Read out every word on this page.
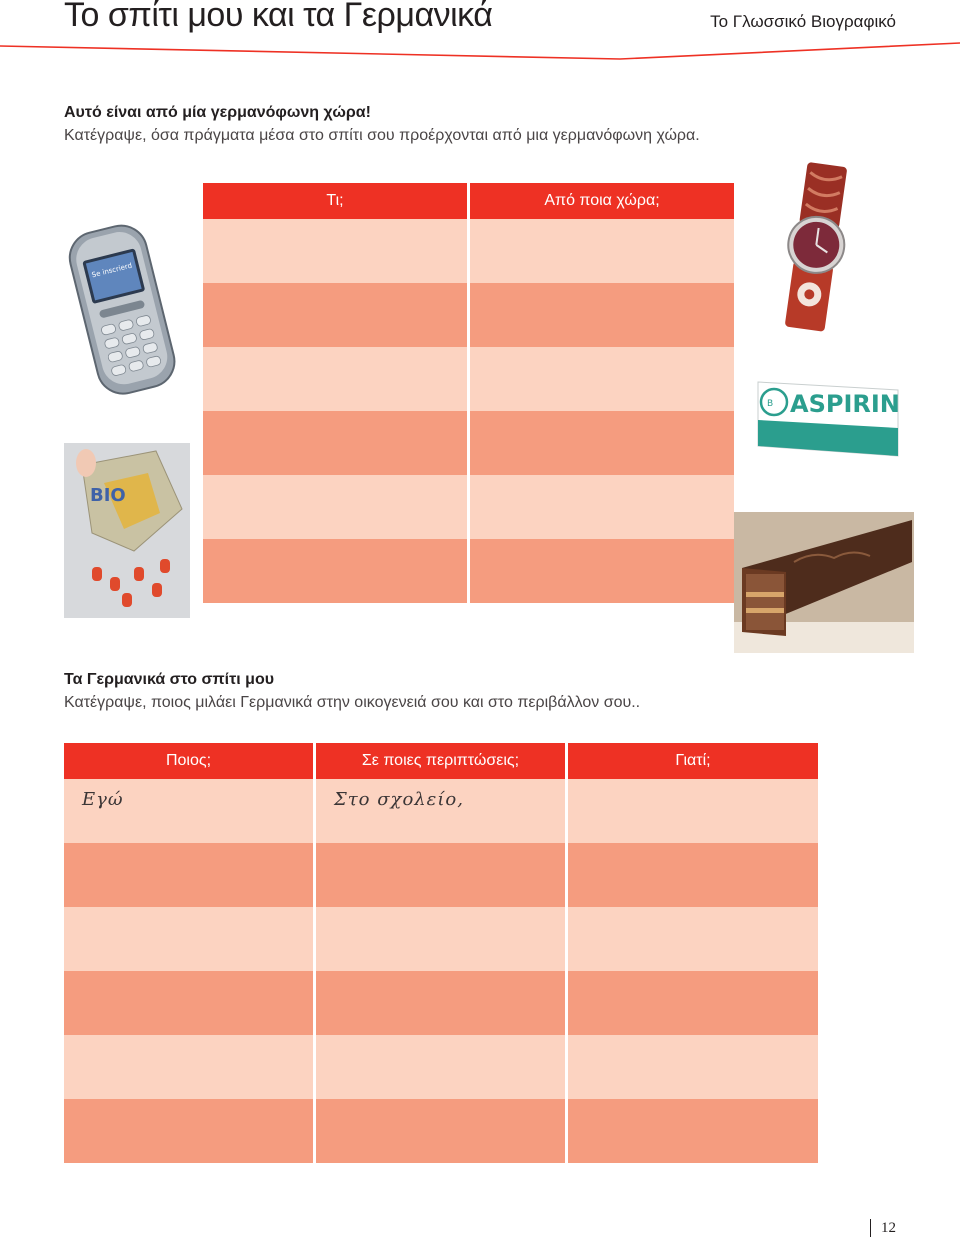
Το σπίτι μου και τα Γερμανικά	Το Γλωσσικό Βιογραφικό
Αυτό είναι από μία γερμανόφωνη χώρα!
Κατέγραψε, όσα πράγματα μέσα στο σπίτι σου προέρχονται από μια γερμανόφωνη χώρα.
Τι;	Από ποια χώρα;

Se inscrierd
B ASPIRIN
BIO
Τα Γερμανικά στο σπίτι μου
Κατέγραψε, ποιος μιλάει Γερμανικά στην οικογενειά σου και στο περιβάλλον σου..
Ποιος;	Σε ποιες περιπτώσεις;	Γιατί;

Εγώ	Στο σχολείο,	

12
